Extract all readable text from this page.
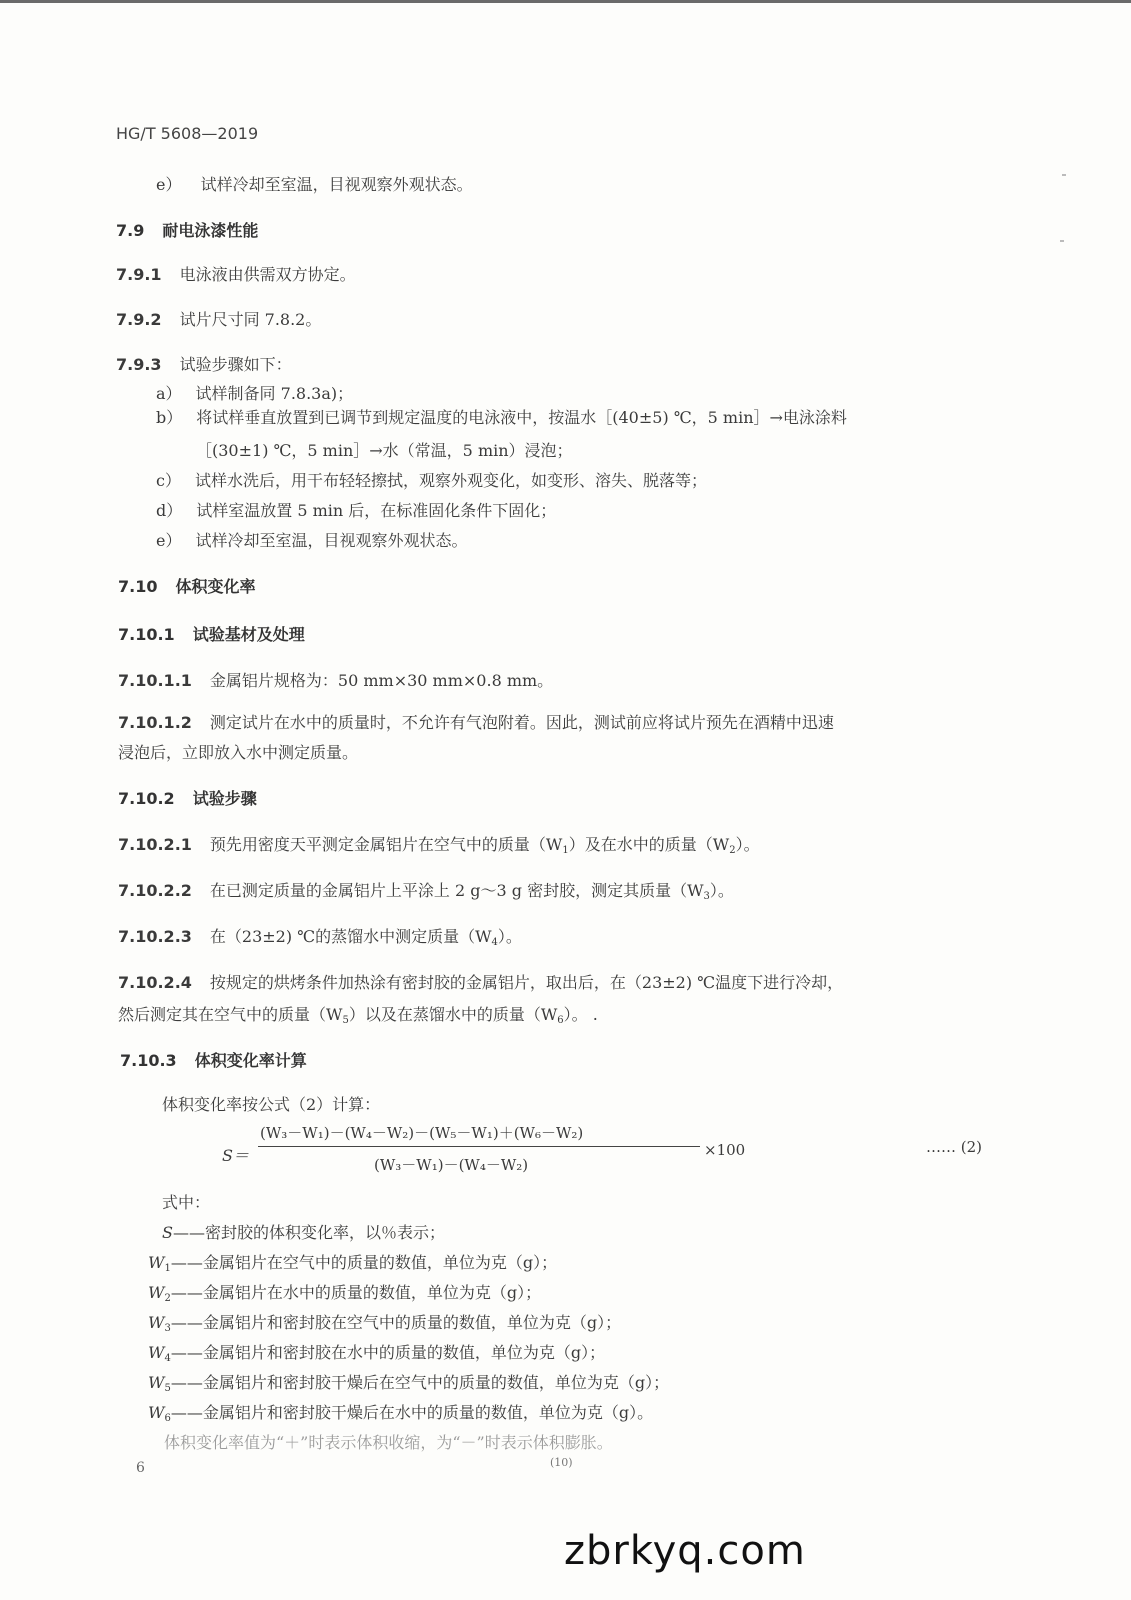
HG/T 5608—2019
e） 试样冷却至室温，目视观察外观状态。
7.9 耐电泳漆性能
7.9.1 电泳液由供需双方协定。
7.9.2 试片尺寸同 7.8.2。
7.9.3 试验步骤如下：
a） 试样制备同 7.8.3a)；
b） 将试样垂直放置到已调节到规定温度的电泳液中，按温水［(40±5) ℃，5 min］→电泳涂料
［(30±1) ℃，5 min］→水（常温，5 min）浸泡；
c） 试样水洗后，用干布轻轻擦拭，观察外观变化，如变形、溶失、脱落等；
d） 试样室温放置 5 min 后，在标准固化条件下固化；
e） 试样冷却至室温，目视观察外观状态。
7.10 体积变化率
7.10.1 试验基材及处理
7.10.1.1 金属铝片规格为：50 mm×30 mm×0.8 mm。
7.10.1.2 测定试片在水中的质量时，不允许有气泡附着。因此，测试前应将试片预先在酒精中迅速
浸泡后，立即放入水中测定质量。
7.10.2 试验步骤
7.10.2.1 预先用密度天平测定金属铝片在空气中的质量$(W_1)$及在水中的质量$(W_2)$。
7.10.2.2 在已测定质量的金属铝片上平涂上 2 g～3 g 密封胶，测定其质量$(W_3)$。
7.10.2.3 在（23±2) ℃的蒸馏水中测定质量$(W_4)$。
7.10.2.4 按规定的烘烤条件加热涂有密封胶的金属铝片，取出后，在（23±2) ℃温度下进行冷却，
然后测定其在空气中的质量$(W_5)$以及在蒸馏水中的质量$(W_6)$。 .
7.10.3 体积变化率计算
体积变化率按公式（2）计算：
S＝
(W₃－W₁)－(W₄－W₂)－(W₅－W₁)＋(W₆－W₂)
(W₃－W₁)－(W₄－W₂)
×100	…… (2)
式中：
S——密封胶的体积变化率，以％表示；
$W_1——$金属铝片在空气中的质量的数值，单位为克（g）；
$W_2——$金属铝片在水中的质量的数值，单位为克（g）；
$W_3——$金属铝片和密封胶在空气中的质量的数值，单位为克（g）；
$W_4——$金属铝片和密封胶在水中的质量的数值，单位为克（g）；
$W_5——$金属铝片和密封胶干燥后在空气中的质量的数值，单位为克（g）；
$W_6——$金属铝片和密封胶干燥后在水中的质量的数值，单位为克（g）。
体积变化率值为“＋”时表示体积收缩，为“－”时表示体积膨胀。
6	(10)
zbrkyq.com
